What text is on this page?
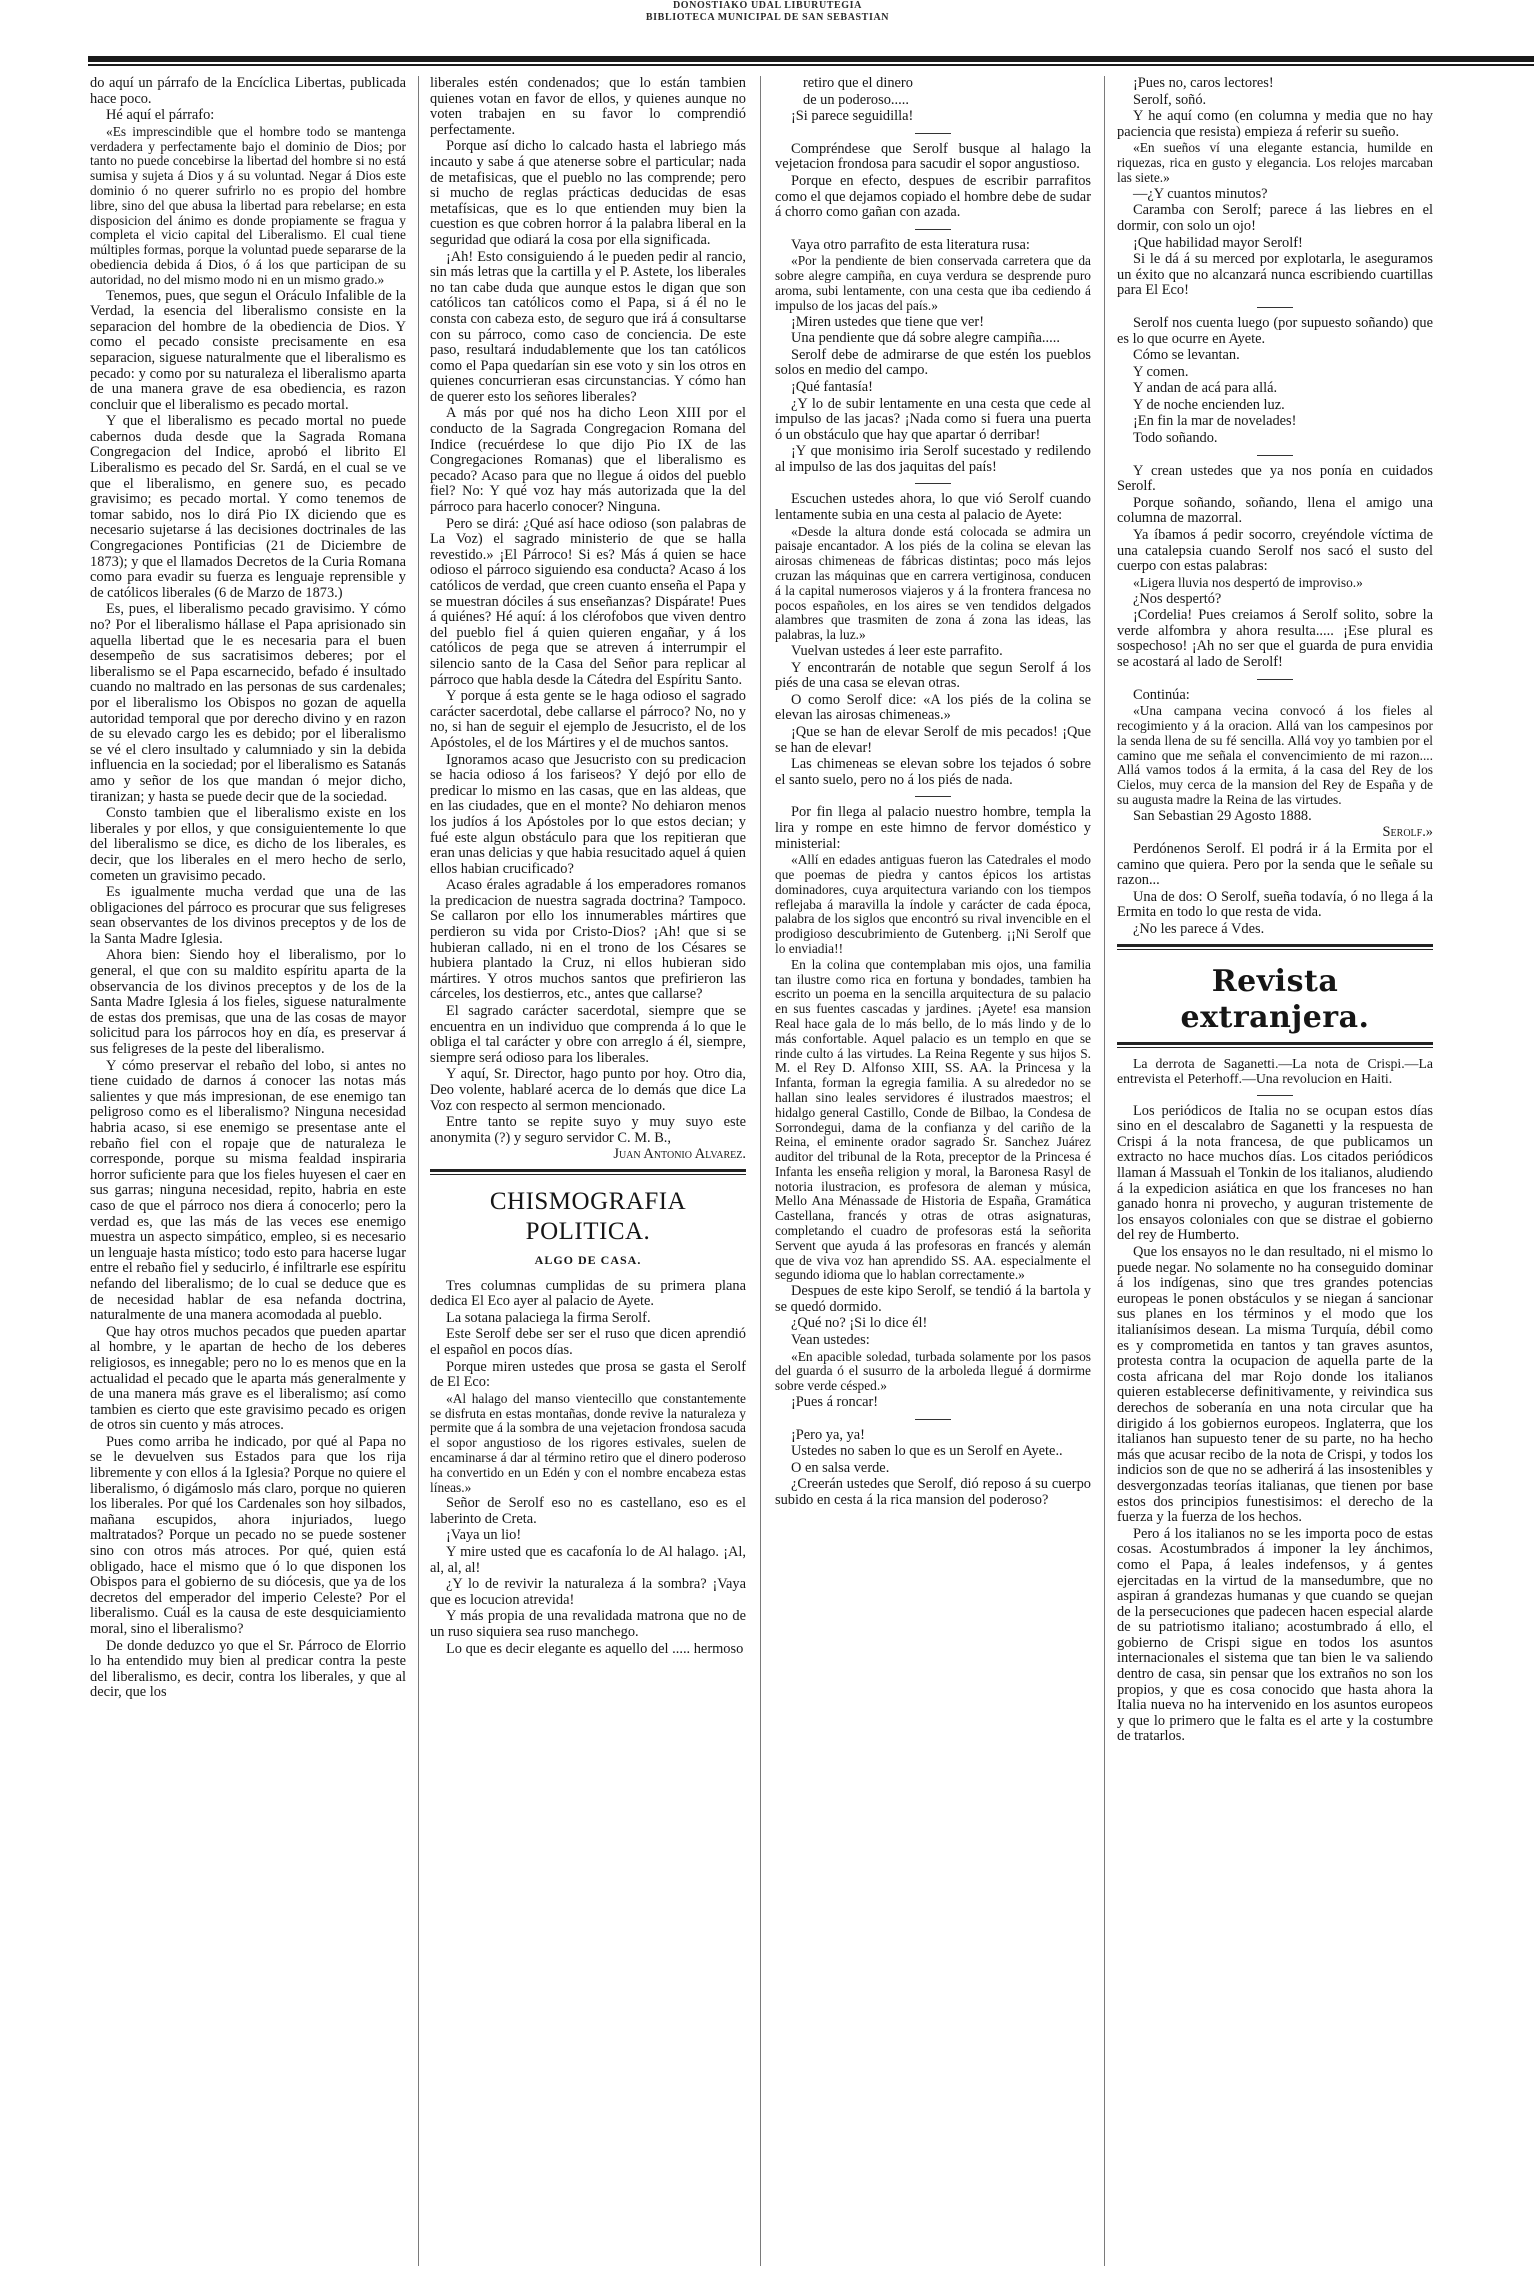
DONOSTIAKO UDAL LIBURUTEGIA
BIBLIOTECA MUNICIPAL DE SAN SEBASTIAN

do aquí un párrafo de la Encíclica Libertas, publicada hace poco.

Hé aquí el párrafo:

«Es imprescindible que el hombre todo se mantenga verdadera y perfectamente bajo el dominio de Dios; por tanto no puede concebirse la libertad del hombre si no está sumisa y sujeta á Dios y á su voluntad. Negar á Dios este dominio ó no querer sufrirlo no es propio del hombre libre, sino del que abusa la libertad para rebelarse; en esta disposicion del ánimo es donde propiamente se fragua y completa el vicio capital del Liberalismo. El cual tiene múltiples formas, porque la voluntad puede separarse de la obediencia debida á Dios, ó á los que participan de su autoridad, no del mismo modo ni en un mismo grado.»

Tenemos, pues, que segun el Oráculo Infalible de la Verdad, la esencia del liberalismo consiste en la separacion del hombre de la obediencia de Dios. Y como el pecado consiste precisamente en esa separacion, siguese naturalmente que el liberalismo es pecado: y como por su naturaleza el liberalismo aparta de una manera grave de esa obediencia, es razon concluir que el liberalismo es pecado mortal.

Y que el liberalismo es pecado mortal no puede cabernos duda desde que la Sagrada Romana Congregacion del Indice, aprobó el librito El Liberalismo es pecado del Sr. Sardá, en el cual se ve que el liberalismo, en genere suo, es pecado gravisimo; es pecado mortal. Y como tenemos de tomar sabido, nos lo dirá Pio IX diciendo que es necesario sujetarse á las decisiones doctrinales de las Congregaciones Pontificias (21 de Diciembre de 1873); y que el llamados Decretos de la Curia Romana como para evadir su fuerza es lenguaje reprensible y de católicos liberales (6 de Marzo de 1873.)

Es, pues, el liberalismo pecado gravisimo. Y cómo no? Por el liberalismo hállase el Papa aprisionado sin aquella libertad que le es necesaria para el buen desempeño de sus sacratisimos deberes; por el liberalismo se el Papa escarnecido, befado é insultado cuando no maltrado en las personas de sus cardenales; por el liberalismo los Obispos no gozan de aquella autoridad temporal que por derecho divino y en razon de su elevado cargo les es debido; por el liberalismo se vé el clero insultado y calumniado y sin la debida influencia en la sociedad; por el liberalismo es Satanás amo y señor de los que mandan ó mejor dicho, tiranizan; y hasta se puede decir que de la sociedad.

Consto tambien que el liberalismo existe en los liberales y por ellos, y que consiguientemente lo que del liberalismo se dice, es dicho de los liberales, es decir, que los liberales en el mero hecho de serlo, cometen un gravisimo pecado.

Es igualmente mucha verdad que una de las obligaciones del párroco es procurar que sus feligreses sean observantes de los divinos preceptos y de los de la Santa Madre Iglesia.

Ahora bien: Siendo hoy el liberalismo, por lo general, el que con su maldito espíritu aparta de la observancia de los divinos preceptos y de los de la Santa Madre Iglesia á los fieles, siguese naturalmente de estas dos premisas, que una de las cosas de mayor solicitud para los párrocos hoy en día, es preservar á sus feligreses de la peste del liberalismo.

Y cómo preservar el rebaño del lobo, si antes no tiene cuidado de darnos á conocer las notas más salientes y que más impresionan, de ese enemigo tan peligroso como es el liberalismo? Ninguna necesidad habria acaso, si ese enemigo se presentase ante el rebaño fiel con el ropaje que de naturaleza le corresponde, porque su misma fealdad inspiraria horror suficiente para que los fieles huyesen el caer en sus garras; ninguna necesidad, repito, habria en este caso de que el párroco nos diera á conocerlo; pero la verdad es, que las más de las veces ese enemigo muestra un aspecto simpático, empleo, si es necesario un lenguaje hasta místico; todo esto para hacerse lugar entre el rebaño fiel y seducirlo, é infiltrarle ese espíritu nefando del liberalismo; de lo cual se deduce que es de necesidad hablar de esa nefanda doctrina, naturalmente de una manera acomodada al pueblo.

Que hay otros muchos pecados que pueden apartar al hombre, y le apartan de hecho de los deberes religiosos, es innegable; pero no lo es menos que en la actualidad el pecado que le aparta más generalmente y de una manera más grave es el liberalismo; así como tambien es cierto que este gravisimo pecado es origen de otros sin cuento y más atroces.

Pues como arriba he indicado, por qué al Papa no se le devuelven sus Estados para que los rija libremente y con ellos á la Iglesia? Porque no quiere el liberalismo, ó digámoslo más claro, porque no quieren los liberales. Por qué los Cardenales son hoy silbados, mañana escupidos, ahora injuriados, luego maltratados? Porque un pecado no se puede sostener sino con otros más atroces. Por qué, quien está obligado, hace el mismo que ó lo que disponen los Obispos para el gobierno de su diócesis, que ya de los decretos del emperador del imperio Celeste? Por el liberalismo. Cuál es la causa de este desquiciamiento moral, sino el liberalismo?

De donde deduzco yo que el Sr. Párroco de Elorrio lo ha entendido muy bien al predicar contra la peste del liberalismo, es decir, contra los liberales, y que al decir, que los

liberales estén condenados; que lo están tambien quienes votan en favor de ellos, y quienes aunque no voten trabajen en su favor lo comprendió perfectamente.

Porque así dicho lo calcado hasta el labriego más incauto y sabe á que atenerse sobre el particular; nada de metafisicas, que el pueblo no las comprende; pero si mucho de reglas prácticas deducidas de esas metafísicas, que es lo que entienden muy bien la cuestion es que cobren horror á la palabra liberal en la seguridad que odiará la cosa por ella significada.

¡Ah! Esto consiguiendo á le pueden pedir al rancio, sin más letras que la cartilla y el P. Astete, los liberales no tan cabe duda que aunque estos le digan que son católicos tan católicos como el Papa, si á él no le consta con cabeza esto, de seguro que irá á consultarse con su párroco, como caso de conciencia. De este paso, resultará indudablemente que los tan católicos como el Papa quedarían sin ese voto y sin los otros en quienes concurrieran esas circunstancias. Y cómo han de querer esto los señores liberales?

A más por qué nos ha dicho Leon XIII por el conducto de la Sagrada Congregacion Romana del Indice (recuérdese lo que dijo Pio IX de las Congregaciones Romanas) que el liberalismo es pecado? Acaso para que no llegue á oidos del pueblo fiel? No: Y qué voz hay más autorizada que la del párroco para hacerlo conocer? Ninguna.

Pero se dirá: ¿Qué así hace odioso (son palabras de La Voz) el sagrado ministerio de que se halla revestido.» ¡El Párroco! Si es? Más á quien se hace odioso el párroco siguiendo esa conducta? Acaso á los católicos de verdad, que creen cuanto enseña el Papa y se muestran dóciles á sus enseñanzas? Dispárate! Pues á quiénes? Hé aquí: á los clérofobos que viven dentro del pueblo fiel á quien quieren engañar, y á los católicos de pega que se atreven á interrumpir el silencio santo de la Casa del Señor para replicar al párroco que habla desde la Cátedra del Espíritu Santo.

Y porque á esta gente se le haga odioso el sagrado carácter sacerdotal, debe callarse el párroco? No, no y no, si han de seguir el ejemplo de Jesucristo, el de los Apóstoles, el de los Mártires y el de muchos santos.

Ignoramos acaso que Jesucristo con su predicacion se hacia odioso á los fariseos? Y dejó por ello de predicar lo mismo en las casas, que en las aldeas, que en las ciudades, que en el monte? No dehiaron menos los judíos á los Apóstoles por lo que estos decian; y fué este algun obstáculo para que los repitieran que eran unas delicias y que habia resucitado aquel á quien ellos habian crucificado?

Acaso érales agradable á los emperadores romanos la predicacion de nuestra sagrada doctrina? Tampoco. Se callaron por ello los innumerables mártires que perdieron su vida por Cristo-Dios? ¡Ah! que si se hubieran callado, ni en el trono de los Césares se hubiera plantado la Cruz, ni ellos hubieran sido mártires. Y otros muchos santos que prefirieron las cárceles, los destierros, etc., antes que callarse?

El sagrado carácter sacerdotal, siempre que se encuentra en un individuo que comprenda á lo que le obliga el tal carácter y obre con arreglo á él, siempre, siempre será odioso para los liberales.

Y aquí, Sr. Director, hago punto por hoy. Otro dia, Deo volente, hablaré acerca de lo demás que dice La Voz con respecto al sermon mencionado.

Entre tanto se repite suyo y muy suyo este anonymita (?) y seguro servidor C. M. B.,

Juan Antonio Alvarez.

CHISMOGRAFIA POLITICA.
ALGO DE CASA.

Tres columnas cumplidas de su primera plana dedica El Eco ayer al palacio de Ayete.

La sotana palaciega la firma Serolf.

Este Serolf debe ser ser el ruso que dicen aprendió el español en pocos días.

Porque miren ustedes que prosa se gasta el Serolf de El Eco:

«Al halago del manso vientecillo que constantemente se disfruta en estas montañas, donde revive la naturaleza y permite que á la sombra de una vejetacion frondosa sacuda el sopor angustioso de los rigores estivales, suelen de encaminarse á dar al término retiro que el dinero poderoso ha convertido en un Edén y con el nombre encabeza estas líneas.»

Señor de Serolf eso no es castellano, eso es el laberinto de Creta.

¡Vaya un lio!

Y mire usted que es cacafonía lo de Al halago. ¡Al, al, al, al!

¿Y lo de revivir la naturaleza á la sombra? ¡Vaya que es locucion atrevida!

Y más propia de una revalidada matrona que no de un ruso siquiera sea ruso manchego.

Lo que es decir elegante es aquello del ..... hermoso

retiro que el dinero

de un poderoso.....

¡Si parece seguidilla!

Compréndese que Serolf busque al halago la vejetacion frondosa para sacudir el sopor angustioso.

Porque en efecto, despues de escribir parrafitos como el que dejamos copiado el hombre debe de sudar á chorro como gañan con azada.

Vaya otro parrafito de esta literatura rusa:

«Por la pendiente de bien conservada carretera que da sobre alegre campiña, en cuya verdura se desprende puro aroma, subi lentamente, con una cesta que iba cediendo á impulso de los jacas del país.»

¡Miren ustedes que tiene que ver!

Una pendiente que dá sobre alegre campiña.....

Serolf debe de admirarse de que estén los pueblos solos en medio del campo.

¡Qué fantasía!

¿Y lo de subir lentamente en una cesta que cede al impulso de las jacas? ¡Nada como si fuera una puerta ó un obstáculo que hay que apartar ó derribar!

¡Y que monisimo iria Serolf sucestado y redilendo al impulso de las dos jaquitas del país!

Escuchen ustedes ahora, lo que vió Serolf cuando lentamente subia en una cesta al palacio de Ayete:

«Desde la altura donde está colocada se admira un paisaje encantador. A los piés de la colina se elevan las airosas chimeneas de fábricas distintas; poco más lejos cruzan las máquinas que en carrera vertiginosa, conducen á la capital numerosos viajeros y á la frontera francesa no pocos españoles, en los aires se ven tendidos delgados alambres que trasmiten de zona á zona las ideas, las palabras, la luz.»

Vuelvan ustedes á leer este parrafito.

Y encontrarán de notable que segun Serolf á los piés de una casa se elevan otras.

O como Serolf dice: «A los piés de la colina se elevan las airosas chimeneas.»

¡Que se han de elevar Serolf de mis pecados! ¡Que se han de elevar!

Las chimeneas se elevan sobre los tejados ó sobre el santo suelo, pero no á los piés de nada.

Por fin llega al palacio nuestro hombre, templa la lira y rompe en este himno de fervor doméstico y ministerial:

«Allí en edades antiguas fueron las Catedrales el modo que poemas de piedra y cantos épicos los artistas dominadores, cuya arquitectura variando con los tiempos reflejaba á maravilla la índole y carácter de cada época, palabra de los siglos que encontró su rival invencible en el prodigioso descubrimiento de Gutenberg. ¡¡Ni Serolf que lo enviadia!!

En la colina que contemplaban mis ojos, una familia tan ilustre como rica en fortuna y bondades, tambien ha escrito un poema en la sencilla arquitectura de su palacio en sus fuentes cascadas y jardines. ¡Ayete! esa mansion Real hace gala de lo más bello, de lo más lindo y de lo más confortable. Aquel palacio es un templo en que se rinde culto á las virtudes. La Reina Regente y sus hijos S. M. el Rey D. Alfonso XIII, SS. AA. la Princesa y la Infanta, forman la egregia familia. A su alrededor no se hallan sino leales servidores é ilustrados maestros; el hidalgo general Castillo, Conde de Bilbao, la Condesa de Sorrondegui, dama de la confianza y del cariño de la Reina, el eminente orador sagrado Sr. Sanchez Juárez auditor del tribunal de la Rota, preceptor de la Princesa é Infanta les enseña religion y moral, la Baronesa Rasyl de notoria ilustracion, es profesora de aleman y música, Mello Ana Ménassade de Historia de España, Gramática Castellana, francés y otras de otras asignaturas, completando el cuadro de profesoras está la señorita Servent que ayuda á las profesoras en francés y alemán que de viva voz han aprendido SS. AA. especialmente el segundo idioma que lo hablan correctamente.»

Despues de este kipo Serolf, se tendió á la bartola y se quedó dormido.

¿Qué no? ¡Si lo dice él!

Vean ustedes:

«En apacible soledad, turbada solamente por los pasos del guarda ó el susurro de la arboleda llegué á dormirme sobre verde césped.»

¡Pues á roncar!

¡Pero ya, ya!

Ustedes no saben lo que es un Serolf en Ayete..

O en salsa verde.

¿Creerán ustedes que Serolf, dió reposo á su cuerpo subido en cesta á la rica mansion del poderoso?

¡Pues no, caros lectores!

Serolf, soñó.

Y he aquí como (en columna y media que no hay paciencia que resista) empieza á referir su sueño.

«En sueños ví una elegante estancia, humilde en riquezas, rica en gusto y elegancia. Los relojes marcaban las siete.»

—¿Y cuantos minutos?

Caramba con Serolf; parece á las liebres en el dormir, con solo un ojo!

¡Que habilidad mayor Serolf!

Si le dá á su merced por explotarla, le aseguramos un éxito que no alcanzará nunca escribiendo cuartillas para El Eco!

Serolf nos cuenta luego (por supuesto soñando) que es lo que ocurre en Ayete.

Cómo se levantan.

Y comen.

Y andan de acá para allá.

Y de noche encienden luz.

¡En fin la mar de novelades!

Todo soñando.

Y crean ustedes que ya nos ponía en cuidados Serolf.

Porque soñando, soñando, llena el amigo una columna de mazorral.

Ya íbamos á pedir socorro, creyéndole víctima de una catalepsia cuando Serolf nos sacó el susto del cuerpo con estas palabras:

«Ligera lluvia nos despertó de improviso.»

¿Nos despertó?

¡Cordelia! Pues creiamos á Serolf solito, sobre la verde alfombra y ahora resulta..... ¡Ese plural es sospechoso! ¡Ah no ser que el guarda de pura envidia se acostará al lado de Serolf!

Continúa:

«Una campana vecina convocó á los fieles al recogimiento y á la oracion. Allá van los campesinos por la senda llena de su fé sencilla. Allá voy yo tambien por el camino que me señala el convencimiento de mi razon.... Allá vamos todos á la ermita, á la casa del Rey de los Cielos, muy cerca de la mansion del Rey de España y de su augusta madre la Reina de las virtudes.

San Sebastian 29 Agosto 1888.

Serolf.»

Perdónenos Serolf. El podrá ir á la Ermita por el camino que quiera. Pero por la senda que le señale su razon...

Una de dos: O Serolf, sueña todavía, ó no llega á la Ermita en todo lo que resta de vida.

¿No les parece á Vdes.

Revista extranjera.

La derrota de Saganetti.—La nota de Crispi.—La entrevista el Peterhoff.—Una revolucion en Haiti.

Los periódicos de Italia no se ocupan estos días sino en el descalabro de Saganetti y la respuesta de Crispi á la nota francesa, de que publicamos un extracto no hace muchos días. Los citados periódicos llaman á Massuah el Tonkin de los italianos, aludiendo á la expedicion asiática en que los franceses no han ganado honra ni provecho, y auguran tristemente de los ensayos coloniales con que se distrae el gobierno del rey de Humberto.

Que los ensayos no le dan resultado, ni el mismo lo puede negar. No solamente no ha conseguido dominar á los indígenas, sino que tres grandes potencias europeas le ponen obstáculos y se niegan á sancionar sus planes en los términos y el modo que los italianísimos desean. La misma Turquía, débil como es y comprometida en tantos y tan graves asuntos, protesta contra la ocupacion de aquella parte de la costa africana del mar Rojo donde los italianos quieren establecerse definitivamente, y reivindica sus derechos de soberanía en una nota circular que ha dirigido á los gobiernos europeos. Inglaterra, que los italianos han supuesto tener de su parte, no ha hecho más que acusar recibo de la nota de Crispi, y todos los indicios son de que no se adherirá á las insostenibles y desvergonzadas teorías italianas, que tienen por base estos dos principios funestisimos: el derecho de la fuerza y la fuerza de los hechos.

Pero á los italianos no se les importa poco de estas cosas. Acostumbrados á imponer la ley ánchimos, como el Papa, á leales indefensos, y á gentes ejercitadas en la virtud de la mansedumbre, que no aspiran á grandezas humanas y que cuando se quejan de la persecuciones que padecen hacen especial alarde de su patriotismo italiano; acostumbrado á ello, el gobierno de Crispi sigue en todos los asuntos internacionales el sistema que tan bien le va saliendo dentro de casa, sin pensar que los extraños no son los propios, y que es cosa conocido que hasta ahora la Italia nueva no ha intervenido en los asuntos europeos y que lo primero que le falta es el arte y la costumbre de tratarlos.
